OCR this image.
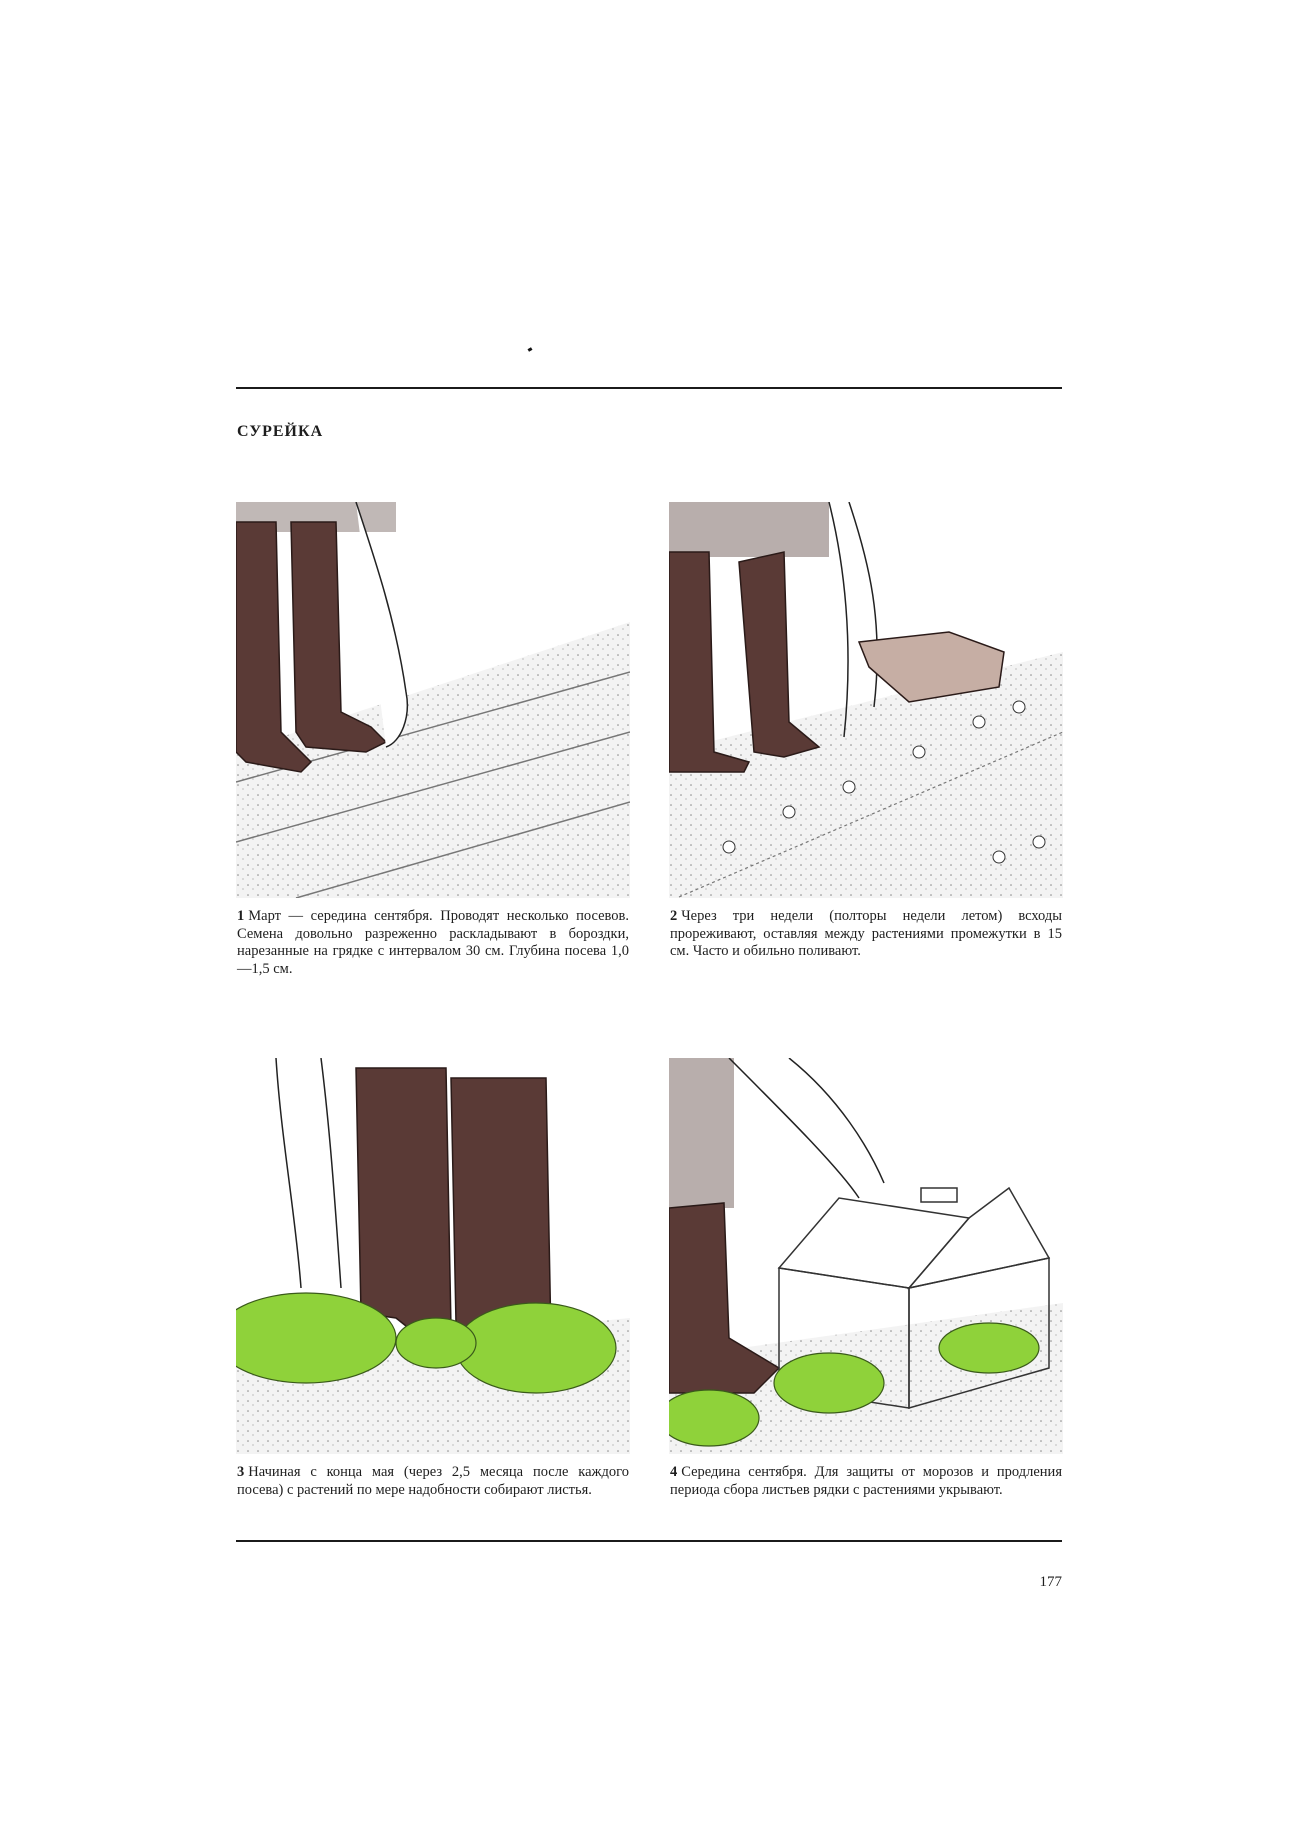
СУРЕЙКА
1 Март — середина сентября. Проводят несколько посевов. Семена довольно разреженно раскладывают в бороздки, нарезанные на грядке с интервалом 30 см. Глубина посева 1,0—1,5 см.
2 Через три недели (полторы недели летом) всходы прореживают, оставляя между растениями промежутки в 15 см. Часто и обильно поливают.
3 Начиная с конца мая (через 2,5 месяца после каждого посева) с растений по мере надобности собирают листья.
4 Середина сентября. Для защиты от морозов и продления периода сбора листьев рядки с растениями укрывают.
177
